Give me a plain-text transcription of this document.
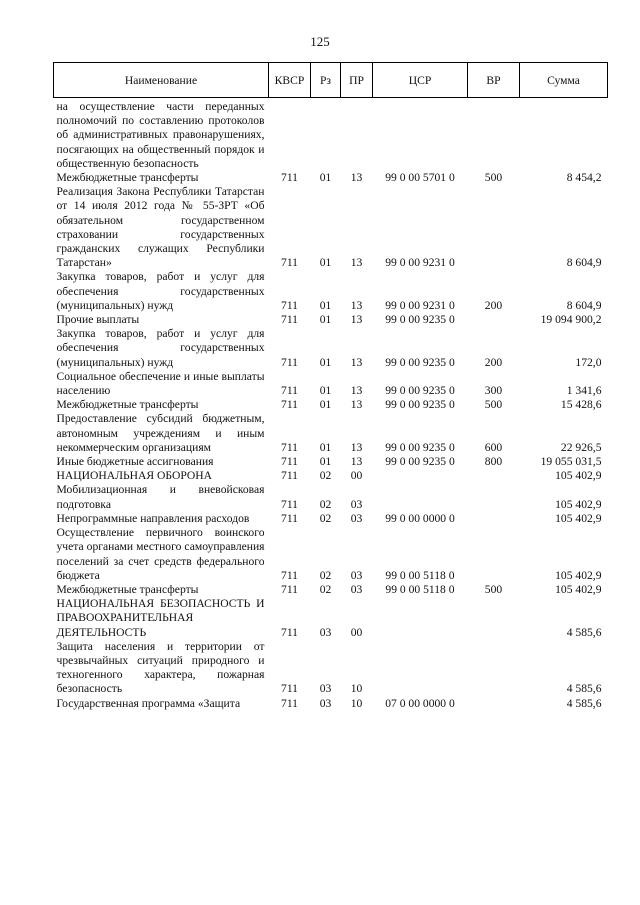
125
Наименование	КВСР	Рз	ПР	ЦСР	ВР	Сумма
на осуществление части переданных полномочий по составлению протоколов об административных правонарушениях, посягающих на общественный порядок и общественную безопасность						
Межбюджетные трансферты	711	01	13	99 0 00 5701 0	500	8 454,2
Реализация Закона Республики Татарстан от 14 июля 2012 года № 55-ЗРТ «Об обязательном государственном страховании государственных гражданских служащих Республики Татарстан»	711	01	13	99 0 00 9231 0		8 604,9
Закупка товаров, работ и услуг для обеспечения государственных (муниципальных) нужд	711	01	13	99 0 00 9231 0	200	8 604,9
Прочие выплаты	711	01	13	99 0 00 9235 0		19 094 900,2
Закупка товаров, работ и услуг для обеспечения государственных (муниципальных) нужд	711	01	13	99 0 00 9235 0	200	172,0
Социальное обеспечение и иные выплаты населению	711	01	13	99 0 00 9235 0	300	1 341,6
Межбюджетные трансферты	711	01	13	99 0 00 9235 0	500	15 428,6
Предоставление субсидий бюджетным, автономным учреждениям и иным некоммерческим организациям	711	01	13	99 0 00 9235 0	600	22 926,5
Иные бюджетные ассигнования	711	01	13	99 0 00 9235 0	800	19 055 031,5
НАЦИОНАЛЬНАЯ ОБОРОНА	711	02	00			105 402,9
Мобилизационная и вневойсковая подготовка	711	02	03			105 402,9
Непрограммные направления расходов	711	02	03	99 0 00 0000 0		105 402,9
Осуществление первичного воинского учета органами местного самоуправления поселений за счет средств федерального бюджета	711	02	03	99 0 00 5118 0		105 402,9
Межбюджетные трансферты	711	02	03	99 0 00 5118 0	500	105 402,9
НАЦИОНАЛЬНАЯ БЕЗОПАСНОСТЬ И ПРАВООХРАНИТЕЛЬНАЯ ДЕЯТЕЛЬНОСТЬ	711	03	00			4 585,6
Защита населения и территории от чрезвычайных ситуаций природного и техногенного характера, пожарная безопасность	711	03	10			4 585,6
Государственная программа «Защита	711	03	10	07 0 00 0000 0		4 585,6
